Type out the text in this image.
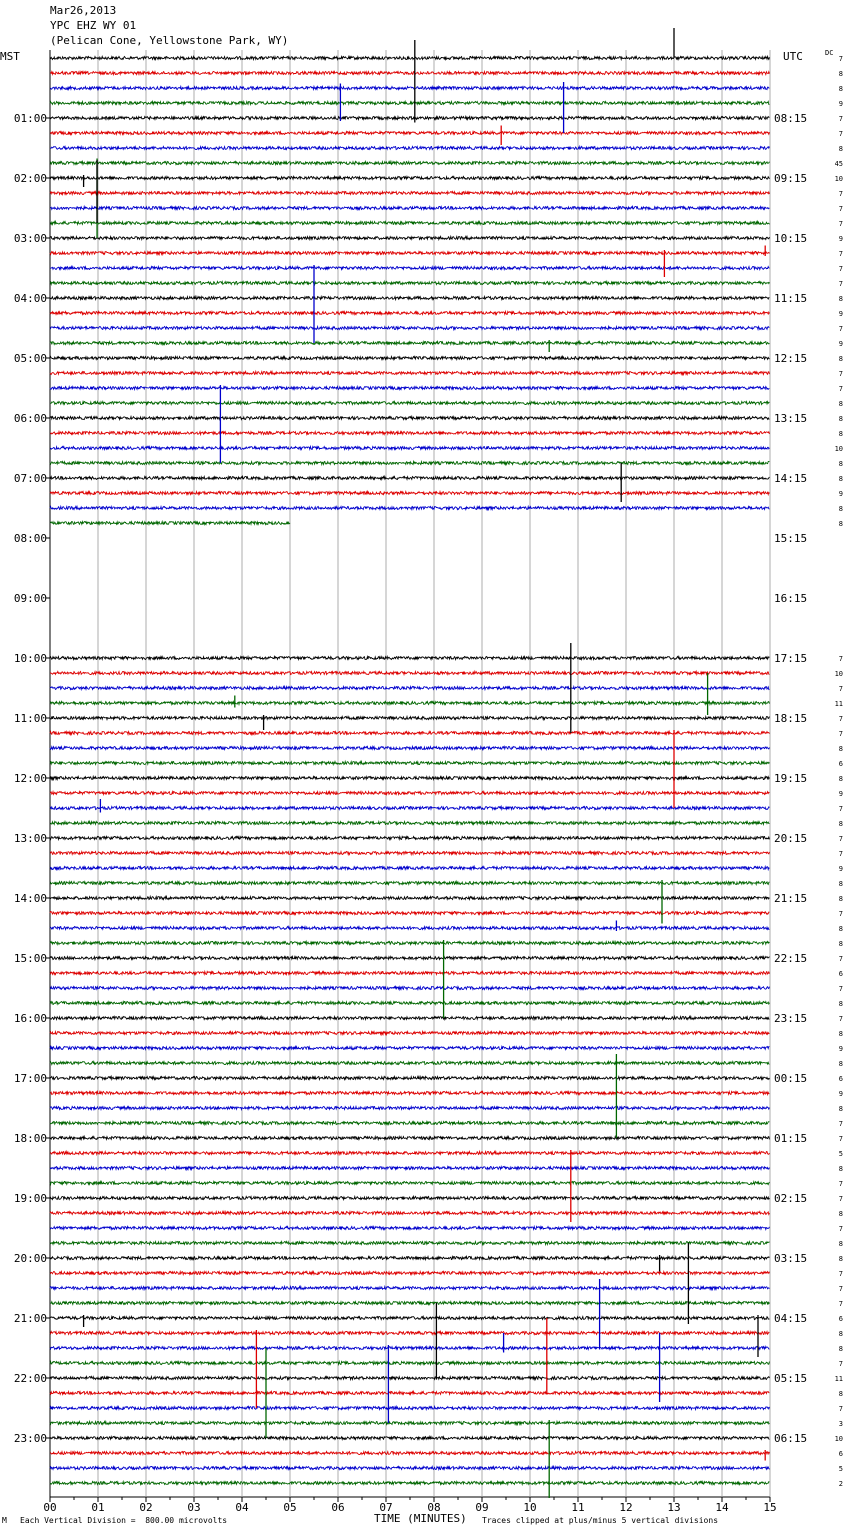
Mar26,2013
YPC EHZ WY 01
(Pelican Cone, Yellowstone Park, WY)
MST	UTC	DC
00	01	02	03	04	05	06	07	08	09	10	11	12	13	14	15
7
8
8
9
7
7
8
45
10
7
7
7
9
7
7
7
8
9
7
9
8
7
7
8
8
8
10
8
8
9
8
8
7
10
7
11
7
7
8
6
8
9
7
8
7
7
9
8
8
7
8
8
7
6
7
8
7
8
9
8
6
9
8
7
7
5
8
7
7
8
7
8
8
7
7
7
6
8
8
7
11
8
7
3
10
6
5
2
01:00
02:00
03:00
04:00
05:00
06:00
07:00
08:00
09:00
10:00
11:00
12:00
13:00
14:00
15:00
16:00
17:00
18:00
19:00
20:00
21:00
22:00
23:00
08:15
09:15
10:15
11:15
12:15
13:15
14:15
15:15
16:15
17:15
18:15
19:15
20:15
21:15
22:15
23:15
00:15
01:15
02:15
03:15
04:15
05:15
06:15
TIME (MINUTES)
M Each Vertical Division =  800.00 microvolts	Traces clipped at plus/minus 5 vertical divisions
